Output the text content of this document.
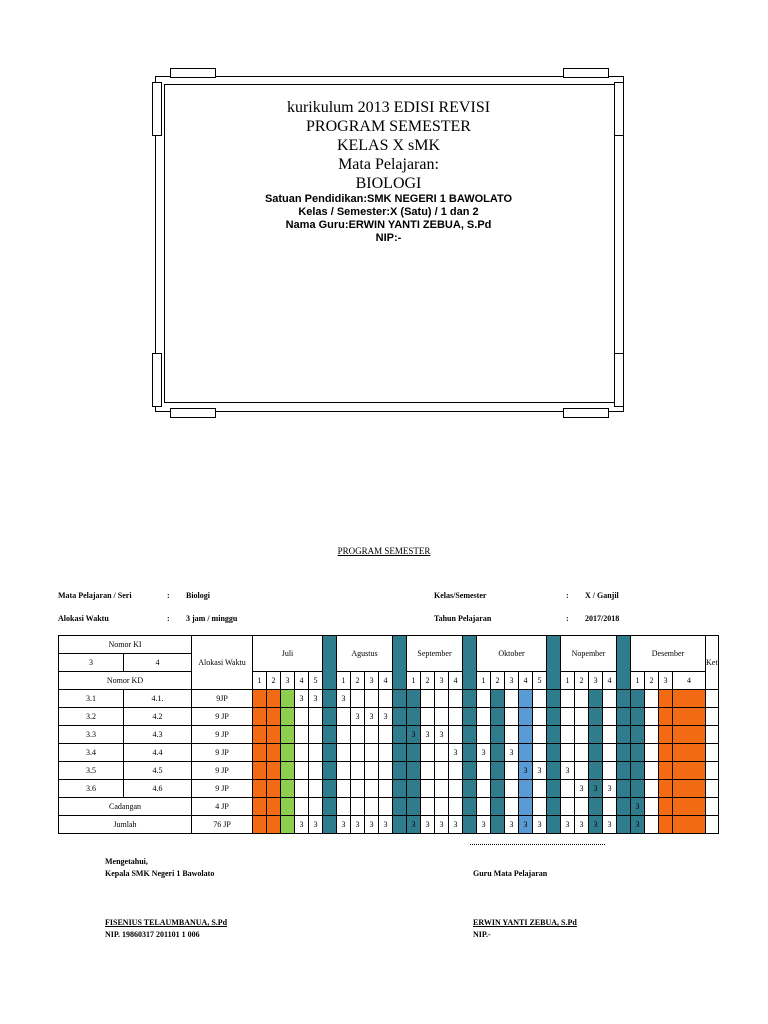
kurikulum 2013 EDISI REVISI
PROGRAM SEMESTER
KELAS X sMK
Mata Pelajaran:
BIOLOGI
Satuan Pendidikan:SMK NEGERI 1 BAWOLATO
Kelas / Semester:X (Satu) / 1 dan 2
Nama Guru:ERWIN YANTI ZEBUA, S.Pd
NIP:-
PROGRAM SEMESTER
Mata Pelajaran / Seri	: Biologi
Alokasi Waktu	: 3 jam / minggu
Kelas/Semester	: X / Ganjil
Tahun Pelajaran	: 2017/2018
Nomor KI		Alokasi Waktu	Juli						Agustus					September					Oktober						Nopember					Desember				Ket
3	4																																	
Nomor KD			1	2	3	4	5		1	2	3	4		1	2	3	4		1	2	3	4	5		1	2	3	4		1	2	3	4	
3.1	4.1.	9JP				3	3		3																									
3.2	4.2	9 JP								3	3	3																						
3.3	4.3	9 JP												3	3	3																		
3.4	4.4	9 JP															3		3		3													
3.5	4.5	9 JP																				3	3		3									
3.6	4.6	9 JP																								3	3	3						
Cadangan		4 JP																												3				
Jumlah		76 JP				3	3		3	3	3	3		3	3	3	3		3		3	3	3		3	3	3	3		3				
Mengetahui,
Kepala SMK Negeri 1 Bawolato
FISENIUS TELAUMBANUA, S.Pd
NIP. 19860317 201101 1 006
Guru Mata Pelajaran
ERWIN YANTI ZEBUA, S.Pd
NIP.-
